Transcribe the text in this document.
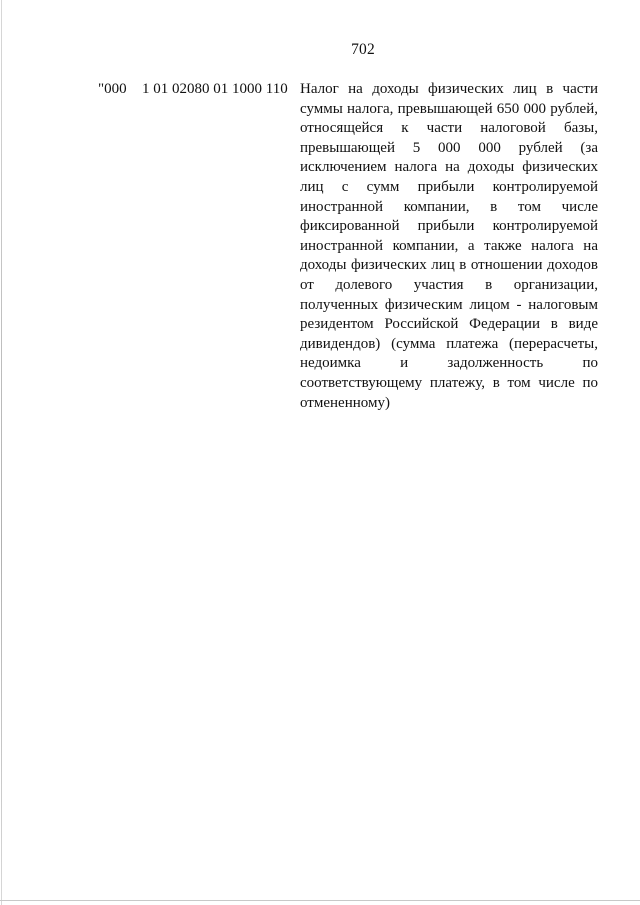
702
"000 1 01 02080 01 1000 110 Налог на доходы физических лиц в части суммы налога, превышающей 650 000 рублей, относящейся к части налоговой базы, превышающей 5 000 000 рублей (за исключением налога на доходы физических лиц с сумм прибыли контролируемой иностранной компании, в том числе фиксированной прибыли контролируемой иностранной компании, а также налога на доходы физических лиц в отношении доходов от долевого участия в организации, полученных физическим лицом - налоговым резидентом Российской Федерации в виде дивидендов) (сумма платежа (перерасчеты, недоимка и задолженность по соответствующему платежу, в том числе по отмененному)
